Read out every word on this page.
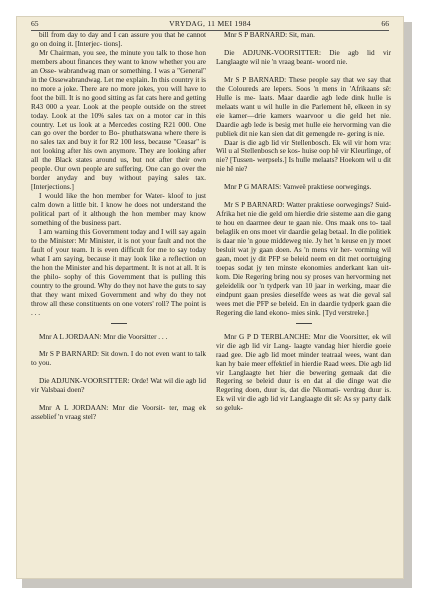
65	VRYDAG, 11 MEI 1984	66

bill from day to day and I can assure you that he cannot go on doing it. [Interjec- tions].

Mr Chairman, you see, the minute you talk to those hon members about finances they want to know whether you are an Osse- wabrandwag man or something. I was a "General" in the Ossewabrandwag. Let me explain. In this country it is no more a joke. There are no more jokes, you will have to foot the bill. It is no good sitting as fat cats here and getting R43 000 a year. Look at the people outside on the street today. Look at the 10% sales tax on a motor car in this country. Let us look at a Mercedes costing R21 000. One can go over the border to Bo- phuthatswana where there is no sales tax and buy it for R2 100 less, because "Ceasar" is not looking after his own anymore. They are looking after all the Black states around us, but not after their own people. Our own people are suffering. One can go over the border anyday and buy without paying sales tax. [Interjections.]

I would like the hon member for Water- kloof to just calm down a little bit. I know he does not understand the political part of it although the hon member may know something of the business part.

I am warning this Government today and I will say again to the Minister: Mr Minister, it is not your fault and not the fault of your team. It is even difficult for me to say today what I am saying, because it may look like a reflection on the hon the Minister and his department. It is not at all. It is the philo- sophy of this Government that is pulling this country to the ground. Why do they not have the guts to say that they want mixed Government and why do they not throw all these constituents on one voters' roll? The point is . . .

Mnr A L JORDAAN: Mnr die Voorsitter . . .

Mr S P BARNARD: Sit down. I do not even want to talk to you.

Die ADJUNK-VOORSITTER: Orde! Wat wil die agb lid vir Valsbaai doen?

Mnr A L JORDAAN: Mnr die Voorsit- ter, mag ek asseblief 'n vraag stel?

Mnr S P BARNARD: Sit, man.

Die ADJUNK-VOORSITTER: Die agb lid vir Langlaagte wil nie 'n vraag beant- woord nie.

Mr S P BARNARD: These people say that we say that the Coloureds are lepers. Soos 'n mens in 'Afrikaans sê: Hulle is me- laats. Maar daardie agb lede dink hulle is melaats want u wil hulle in die Parlement hê, elkeen in sy eie kamer—drie kamers waarvoor u die geld het nie. Daardie agb lede is besig met hulle eie hervorming van die publiek dit nie kan sien dat dit gemengde re- gering is nie.

Daar is die agb lid vir Stellenbosch. Ek wil vir hom vra: Wil u al Stellenbosch se kos- huise oop hê vir Kleurlinge, of nie? [Tussen- werpsels.] Is hulle melaats? Hoekom wil u dit nie hê nie?

Mnr P G MARAIS: Vanweë praktiese oorwegings.

Mr S P BARNARD: Watter praktiese oorwegings? Suid-Afrika het nie die geld om hierdie drie sisteme aan die gang te hou en daarmee deur te gaan nie. Ons maak ons to- taal belaglik en ons moet vir daardie gelag betaal. In die politiek is daar nie 'n goue middeweg nie. Jy het 'n keuse en jy moet besluit wat jy gaan doen. As 'n mens vir her- vorming wil gaan, moet jy dit PFP se beleid neem en dit met oortuiging toepas sodat jy ten minste ekonomies anderkant kan uit- kom. Die Regering bring nou sy proses van hervorming net geleidelik oor 'n tydperk van 10 jaar in werking, maar die eindpunt gaan presies dieselfde wees as wat die geval sal wees met die PFP se beleid. En in daardie tydperk gaan die Regering die land ekono- mies sink. [Tyd verstreke.]

Mnr G P D TERBLANCHE: Mnr die Voorsitter, ek wil vir die agb lid vir Lang- laagte vandag hier hierdie goeie raad gee. Die agb lid moet minder teatraal wees, want dan kan hy baie meer effektief in hierdie Raad wees. Die agb lid vir Langlaagte het hier die bewering gemaak dat die Regering se beleid duur is en dat al die dinge wat die Regering doen, duur is, dat die Nkomati- verdrag duur is. Ek wil vir die agb lid vir Langlaagte dit sê: As sy party dalk so geluk-
